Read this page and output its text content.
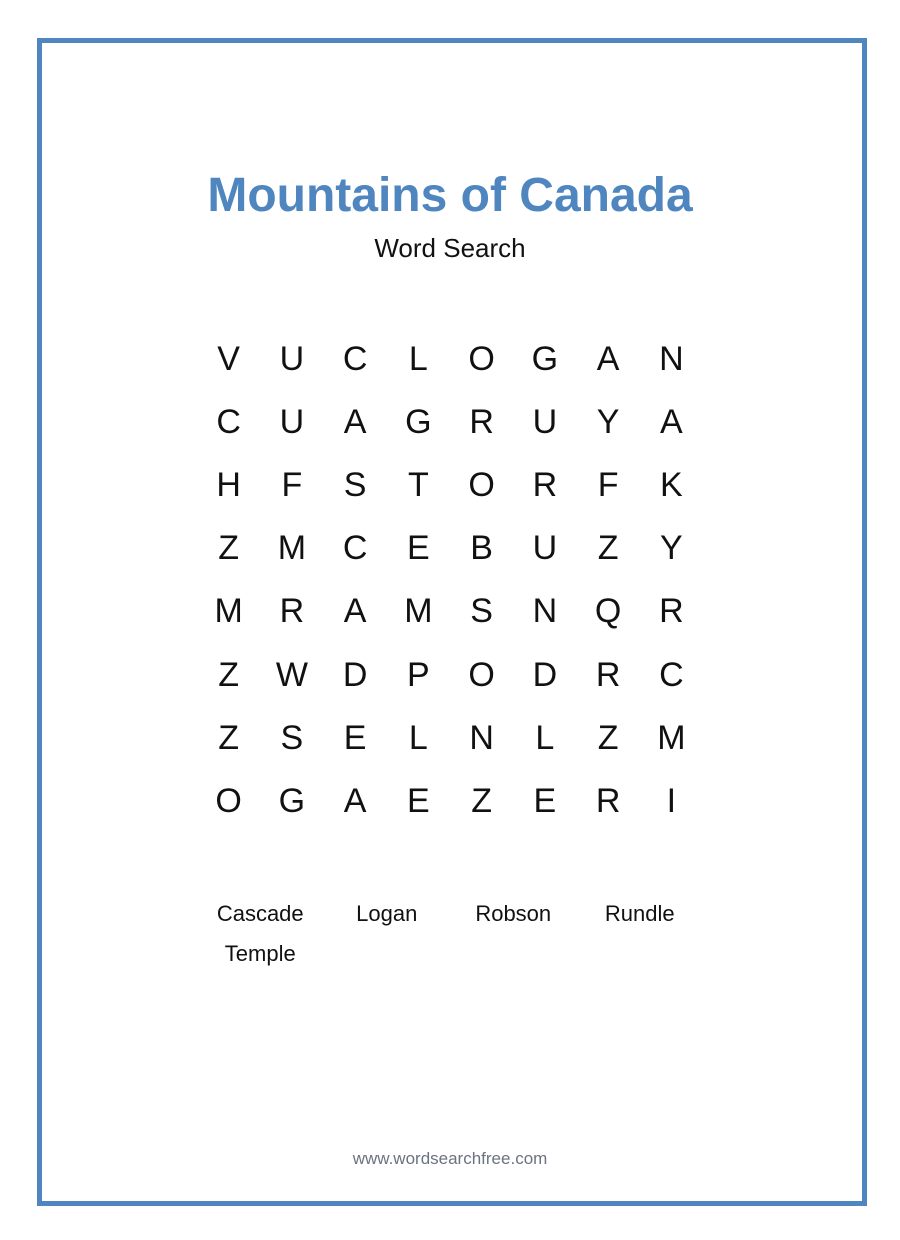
Mountains of Canada
Word Search
V	U	C	L	O	G	A	N
C	U	A	G	R	U	Y	A
H	F	S	T	O	R	F	K
Z	M	C	E	B	U	Z	Y
M	R	A	M	S	N	Q	R
Z	W	D	P	O	D	R	C
Z	S	E	L	N	L	Z	M
O	G	A	E	Z	E	R	I
Cascade	Logan	Robson	Rundle
Temple
www.wordsearchfree.com
